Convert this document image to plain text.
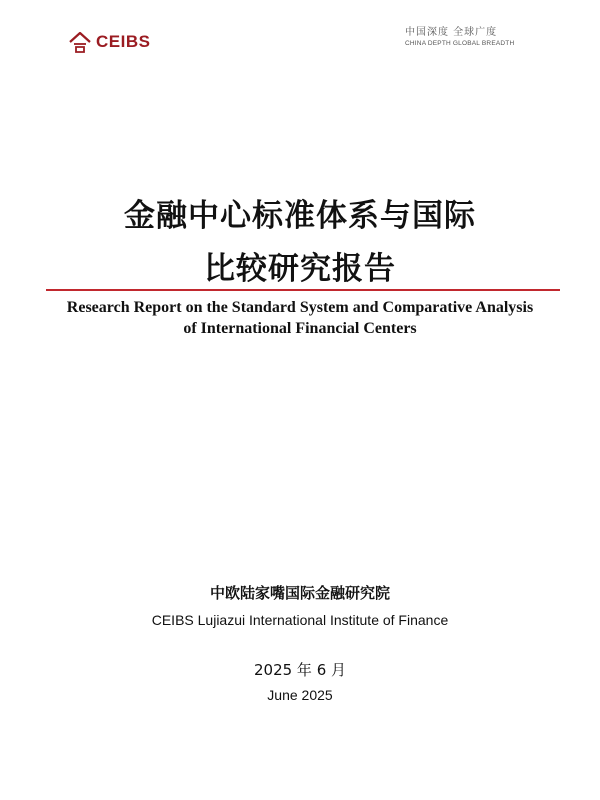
CEIBS	中国深度 全球广度
CHINA DEPTH GLOBAL BREADTH
金融中心标准体系与国际
比较研究报告
Research Report on the Standard System and Comparative Analysis
of International Financial Centers
中欧陆家嘴国际金融研究院
CEIBS Lujiazui International Institute of Finance
2025 年 6 月
June 2025
